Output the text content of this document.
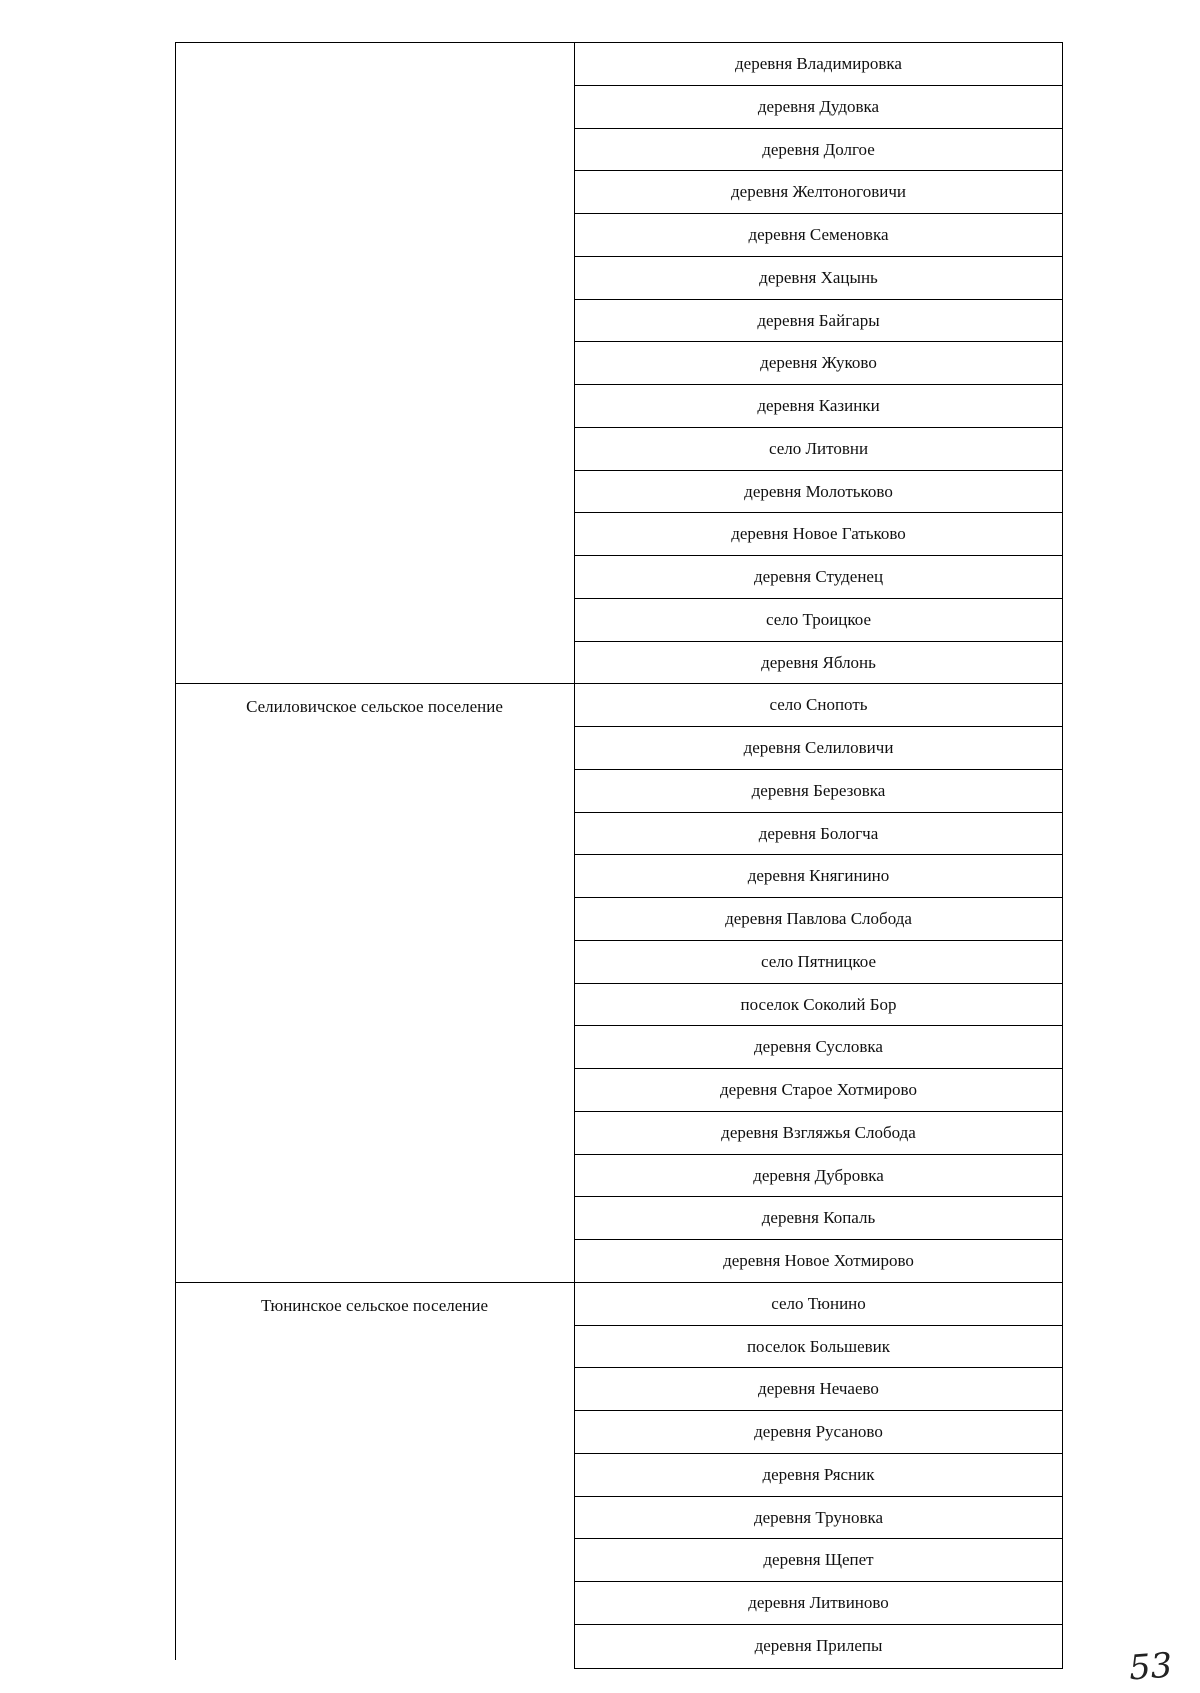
Селиловичское сельское поселение
Тюнинское сельское поселение
деревня Владимировка
деревня Дудовка
деревня Долгое
деревня Желтоноговичи
деревня Семеновка
деревня Хацынь
деревня Байгары
деревня Жуково
деревня Казинки
село Литовни
деревня Молотьково
деревня Новое Гатьково
деревня Студенец
село Троицкое
деревня Яблонь
село Снопоть
деревня Селиловичи
деревня Березовка
деревня Бологча
деревня Княгинино
деревня Павлова Слобода
село Пятницкое
поселок Соколий Бор
деревня Сусловка
деревня Старое Хотмирово
деревня Взгляжья Слобода
деревня Дубровка
деревня Копаль
деревня Новое Хотмирово
село Тюнино
поселок Большевик
деревня Нечаево
деревня Русаново
деревня Рясник
деревня Труновка
деревня Щепет
деревня Литвиново
деревня Прилепы
53
